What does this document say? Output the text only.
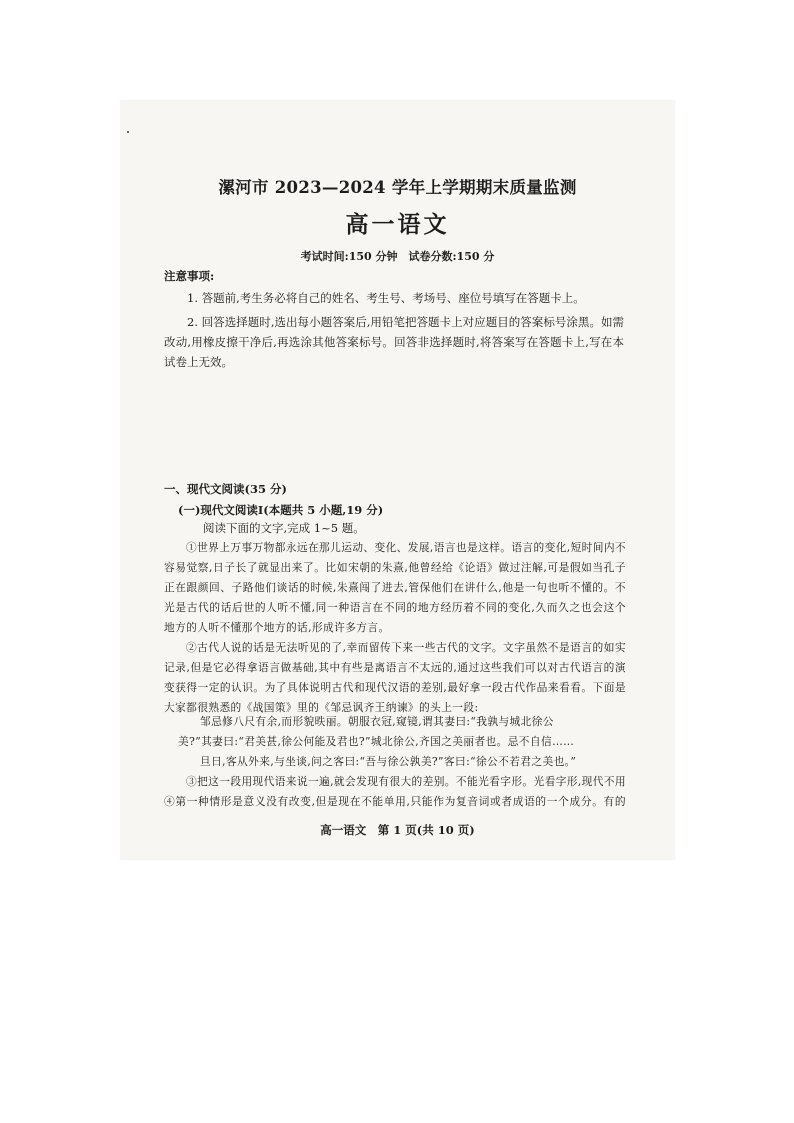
漯河市 2023—2024 学年上学期期末质量监测
高一语文
考试时间:150 分钟　试卷分数:150 分
注意事项:
1. 答题前,考生务必将自己的姓名、考生号、考场号、座位号填写在答题卡上。
2. 回答选择题时,选出每小题答案后,用铅笔把答题卡上对应题目的答案标号涂黑。如需改动,用橡皮擦干净后,再选涂其他答案标号。回答非选择题时,将答案写在答题卡上,写在本试卷上无效。
一、现代文阅读(35 分)
(一)现代文阅读Ⅰ(本题共 5 小题,19 分)
阅读下面的文字,完成 1~5 题。
①世界上万事万物都永远在那儿运动、变化、发展,语言也是这样。语言的变化,短时间内不容易觉察,日子长了就显出来了。比如宋朝的朱熹,他曾经给《论语》做过注解,可是假如当孔子正在跟颜回、子路他们谈话的时候,朱熹闯了进去,管保他们在讲什么,他是一句也听不懂的。不光是古代的话后世的人听不懂,同一种语言在不同的地方经历着不同的变化,久而久之也会这个地方的人听不懂那个地方的话,形成许多方言。
②古代人说的话是无法听见的了,幸而留传下来一些古代的文字。文字虽然不是语言的如实记录,但是它必得拿语言做基础,其中有些是离语言不太远的,通过这些我们可以对古代语言的演变获得一定的认识。为了具体说明古代和现代汉语的差别,最好拿一段古代作品来看看。下面是大家都很熟悉的《战国策》里的《邹忌讽齐王纳谏》的头上一段:
邹忌修八尺有余,而形貌昳丽。朝服衣冠,窥镜,谓其妻曰:“我孰与城北徐公
美?”其妻曰:“君美甚,徐公何能及君也?”城北徐公,齐国之美丽者也。忌不自信……
旦日,客从外来,与坐谈,问之客曰:“吾与徐公孰美?”客曰:“徐公不若君之美也。”
③把这一段用现代语来说一遍,就会发现有很大的差别。不能光看字形。光看字形,现代不用
④第一种情形是意义没有改变,但是现在不能单用,只能作为复音词或者成语的一个成分。有的
高一语文　第 1 页(共 10 页)
